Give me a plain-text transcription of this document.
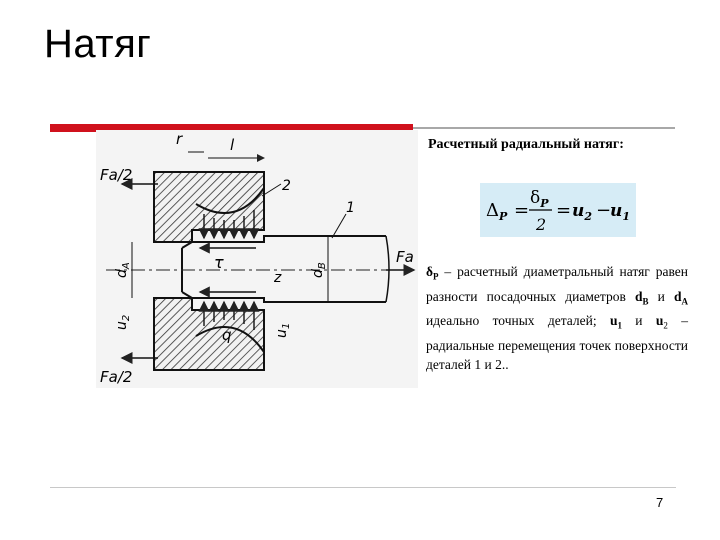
Натяг
Fa/2
Fa/2
Fa
r	l
2
1
τ
z
q
$d_A$
$d_B$
$u_2$
$u_1$
Расчетный радиальный натяг:
$\Delta_P$ =
$\delta_P$
2
= $u_2$ −
$u_1$
$\delta_P$ – расчетный диаметральный натяг равен разности посадочных диаметров $d_B$ и $d_A$ идеально точных деталей; $u_1$ и $u_2$ – радиальные перемещения точек поверхности деталей 1 и 2..
7
